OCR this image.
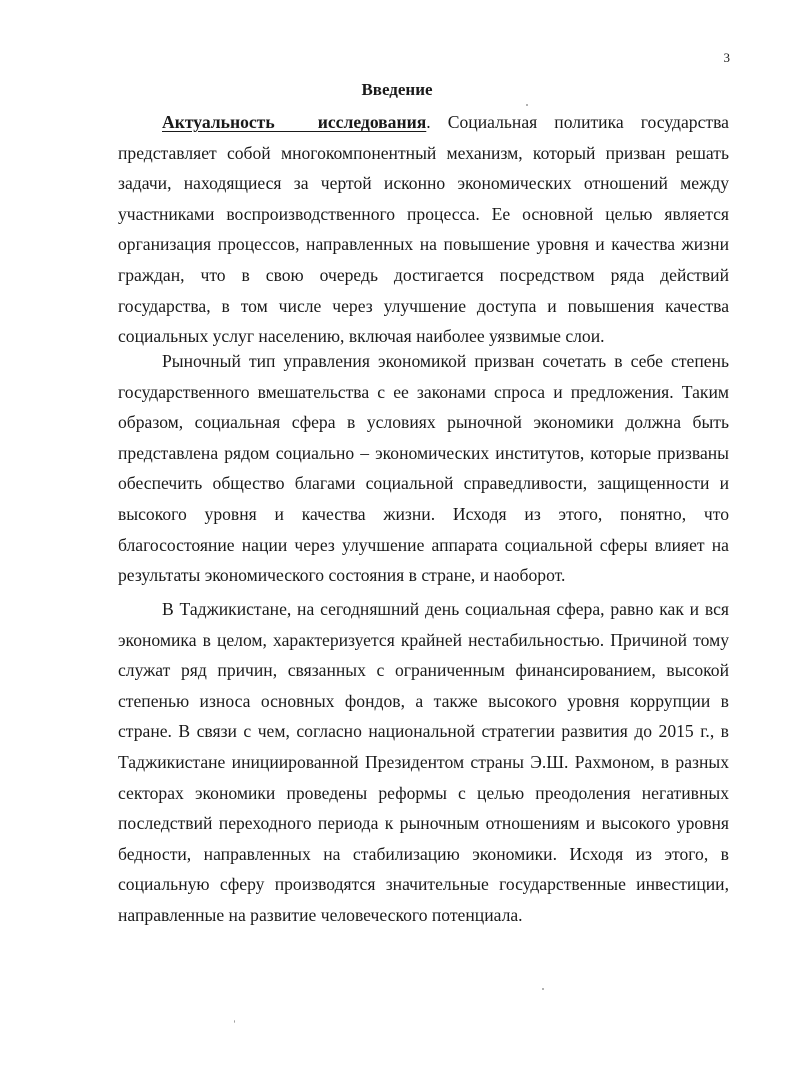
3
Введение

Актуальность исследования. Социальная политика государства представляет собой многокомпонентный механизм, который призван решать задачи, находящиеся за чертой исконно экономических отношений между участниками воспроизводственного процесса. Ее основной целью является организация процессов, направленных на повышение уровня и качества жизни граждан, что в свою очередь достигается посредством ряда действий государства, в том числе через улучшение доступа и повышения качества социальных услуг населению, включая наиболее уязвимые слои.

Рыночный тип управления экономикой призван сочетать в себе степень государственного вмешательства с ее законами спроса и предложения. Таким образом, социальная сфера в условиях рыночной экономики должна быть представлена рядом социально – экономических институтов, которые призваны обеспечить общество благами социальной справедливости, защищенности и высокого уровня и качества жизни. Исходя из этого, понятно, что благосостояние нации через улучшение аппарата социальной сферы влияет на результаты экономического состояния в стране, и наоборот.

В Таджикистане, на сегодняшний день социальная сфера, равно как и вся экономика в целом, характеризуется крайней нестабильностью. Причиной тому служат ряд причин, связанных с ограниченным финансированием, высокой степенью износа основных фондов, а также высокого уровня коррупции в стране. В связи с чем, согласно национальной стратегии развития до 2015 г., в Таджикистане инициированной Президентом страны Э.Ш. Рахмоном, в разных секторах экономики проведены реформы с целью преодоления негативных последствий переходного периода к рыночным отношениям и высокого уровня бедности, направленных на стабилизацию экономики. Исходя из этого, в социальную сферу производятся значительные государственные инвестиции, направленные на развитие человеческого потенциала.
